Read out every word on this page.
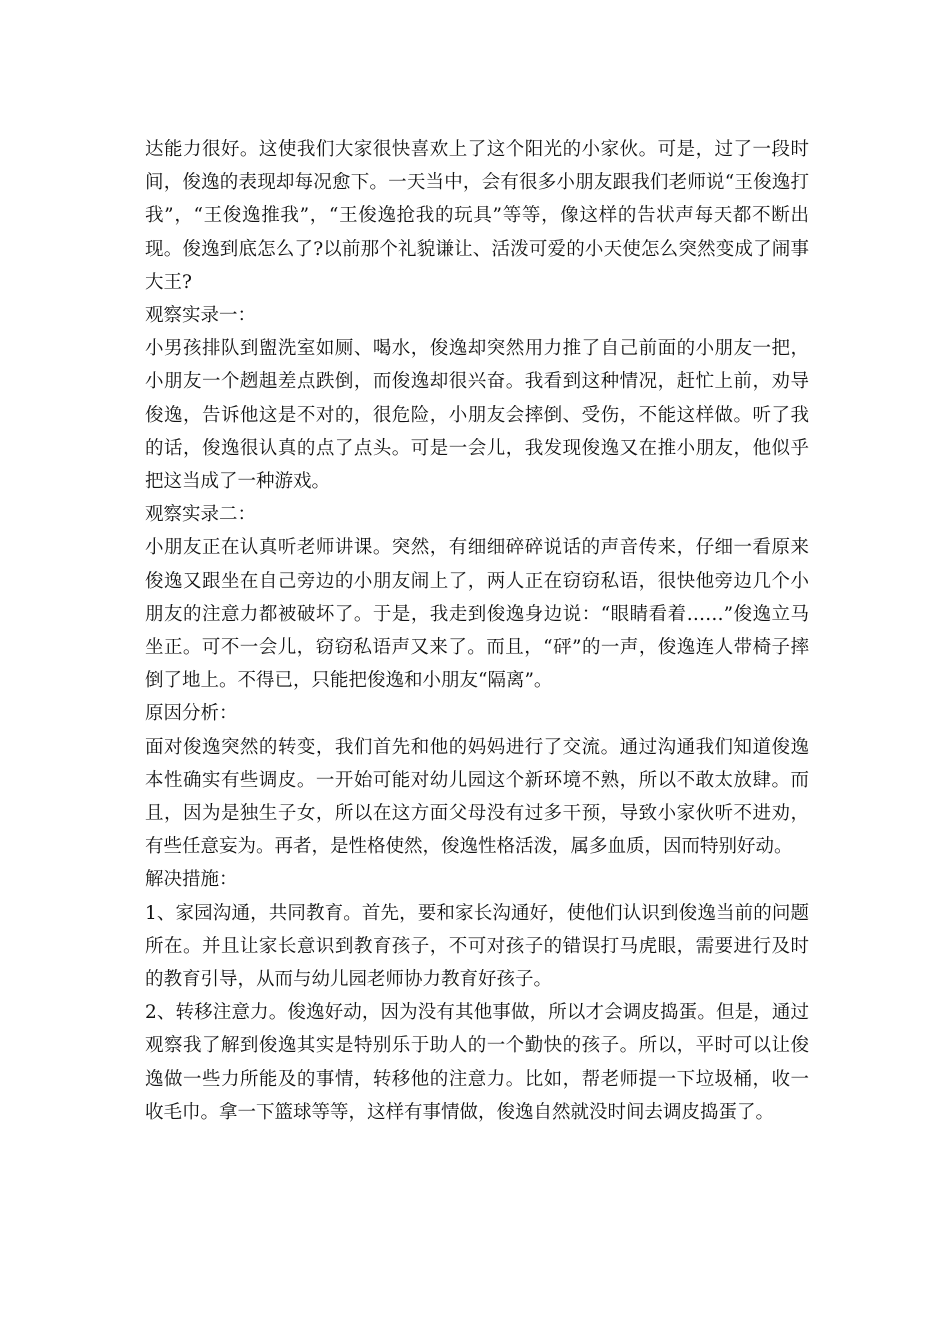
达能力很好。这使我们大家很快喜欢上了这个阳光的小家伙。可是，过了一段时间，俊逸的表现却每况愈下。一天当中，会有很多小朋友跟我们老师说“王俊逸打我”，“王俊逸推我”，“王俊逸抢我的玩具”等等，像这样的告状声每天都不断出现。俊逸到底怎么了?以前那个礼貌谦让、活泼可爱的小天使怎么突然变成了闹事大王?

观察实录一：

小男孩排队到盥洗室如厕、喝水，俊逸却突然用力推了自己前面的小朋友一把，小朋友一个趔趄差点跌倒，而俊逸却很兴奋。我看到这种情况，赶忙上前，劝导俊逸，告诉他这是不对的，很危险，小朋友会摔倒、受伤，不能这样做。听了我的话，俊逸很认真的点了点头。可是一会儿，我发现俊逸又在推小朋友，他似乎把这当成了一种游戏。

观察实录二：

小朋友正在认真听老师讲课。突然，有细细碎碎说话的声音传来，仔细一看原来俊逸又跟坐在自己旁边的小朋友闹上了，两人正在窃窃私语，很快他旁边几个小朋友的注意力都被破坏了。于是，我走到俊逸身边说：“眼睛看着……”俊逸立马坐正。可不一会儿，窃窃私语声又来了。而且，“砰”的一声，俊逸连人带椅子摔倒了地上。不得已，只能把俊逸和小朋友“隔离”。

原因分析：

面对俊逸突然的转变，我们首先和他的妈妈进行了交流。通过沟通我们知道俊逸本性确实有些调皮。一开始可能对幼儿园这个新环境不熟，所以不敢太放肆。而且，因为是独生子女，所以在这方面父母没有过多干预，导致小家伙听不进劝，有些任意妄为。再者，是性格使然，俊逸性格活泼，属多血质，因而特别好动。

解决措施：

1、家园沟通，共同教育。首先，要和家长沟通好，使他们认识到俊逸当前的问题所在。并且让家长意识到教育孩子，不可对孩子的错误打马虎眼，需要进行及时的教育引导，从而与幼儿园老师协力教育好孩子。

2、转移注意力。俊逸好动，因为没有其他事做，所以才会调皮捣蛋。但是，通过观察我了解到俊逸其实是特别乐于助人的一个勤快的孩子。所以，平时可以让俊逸做一些力所能及的事情，转移他的注意力。比如，帮老师提一下垃圾桶，收一收毛巾。拿一下篮球等等，这样有事情做，俊逸自然就没时间去调皮捣蛋了。
